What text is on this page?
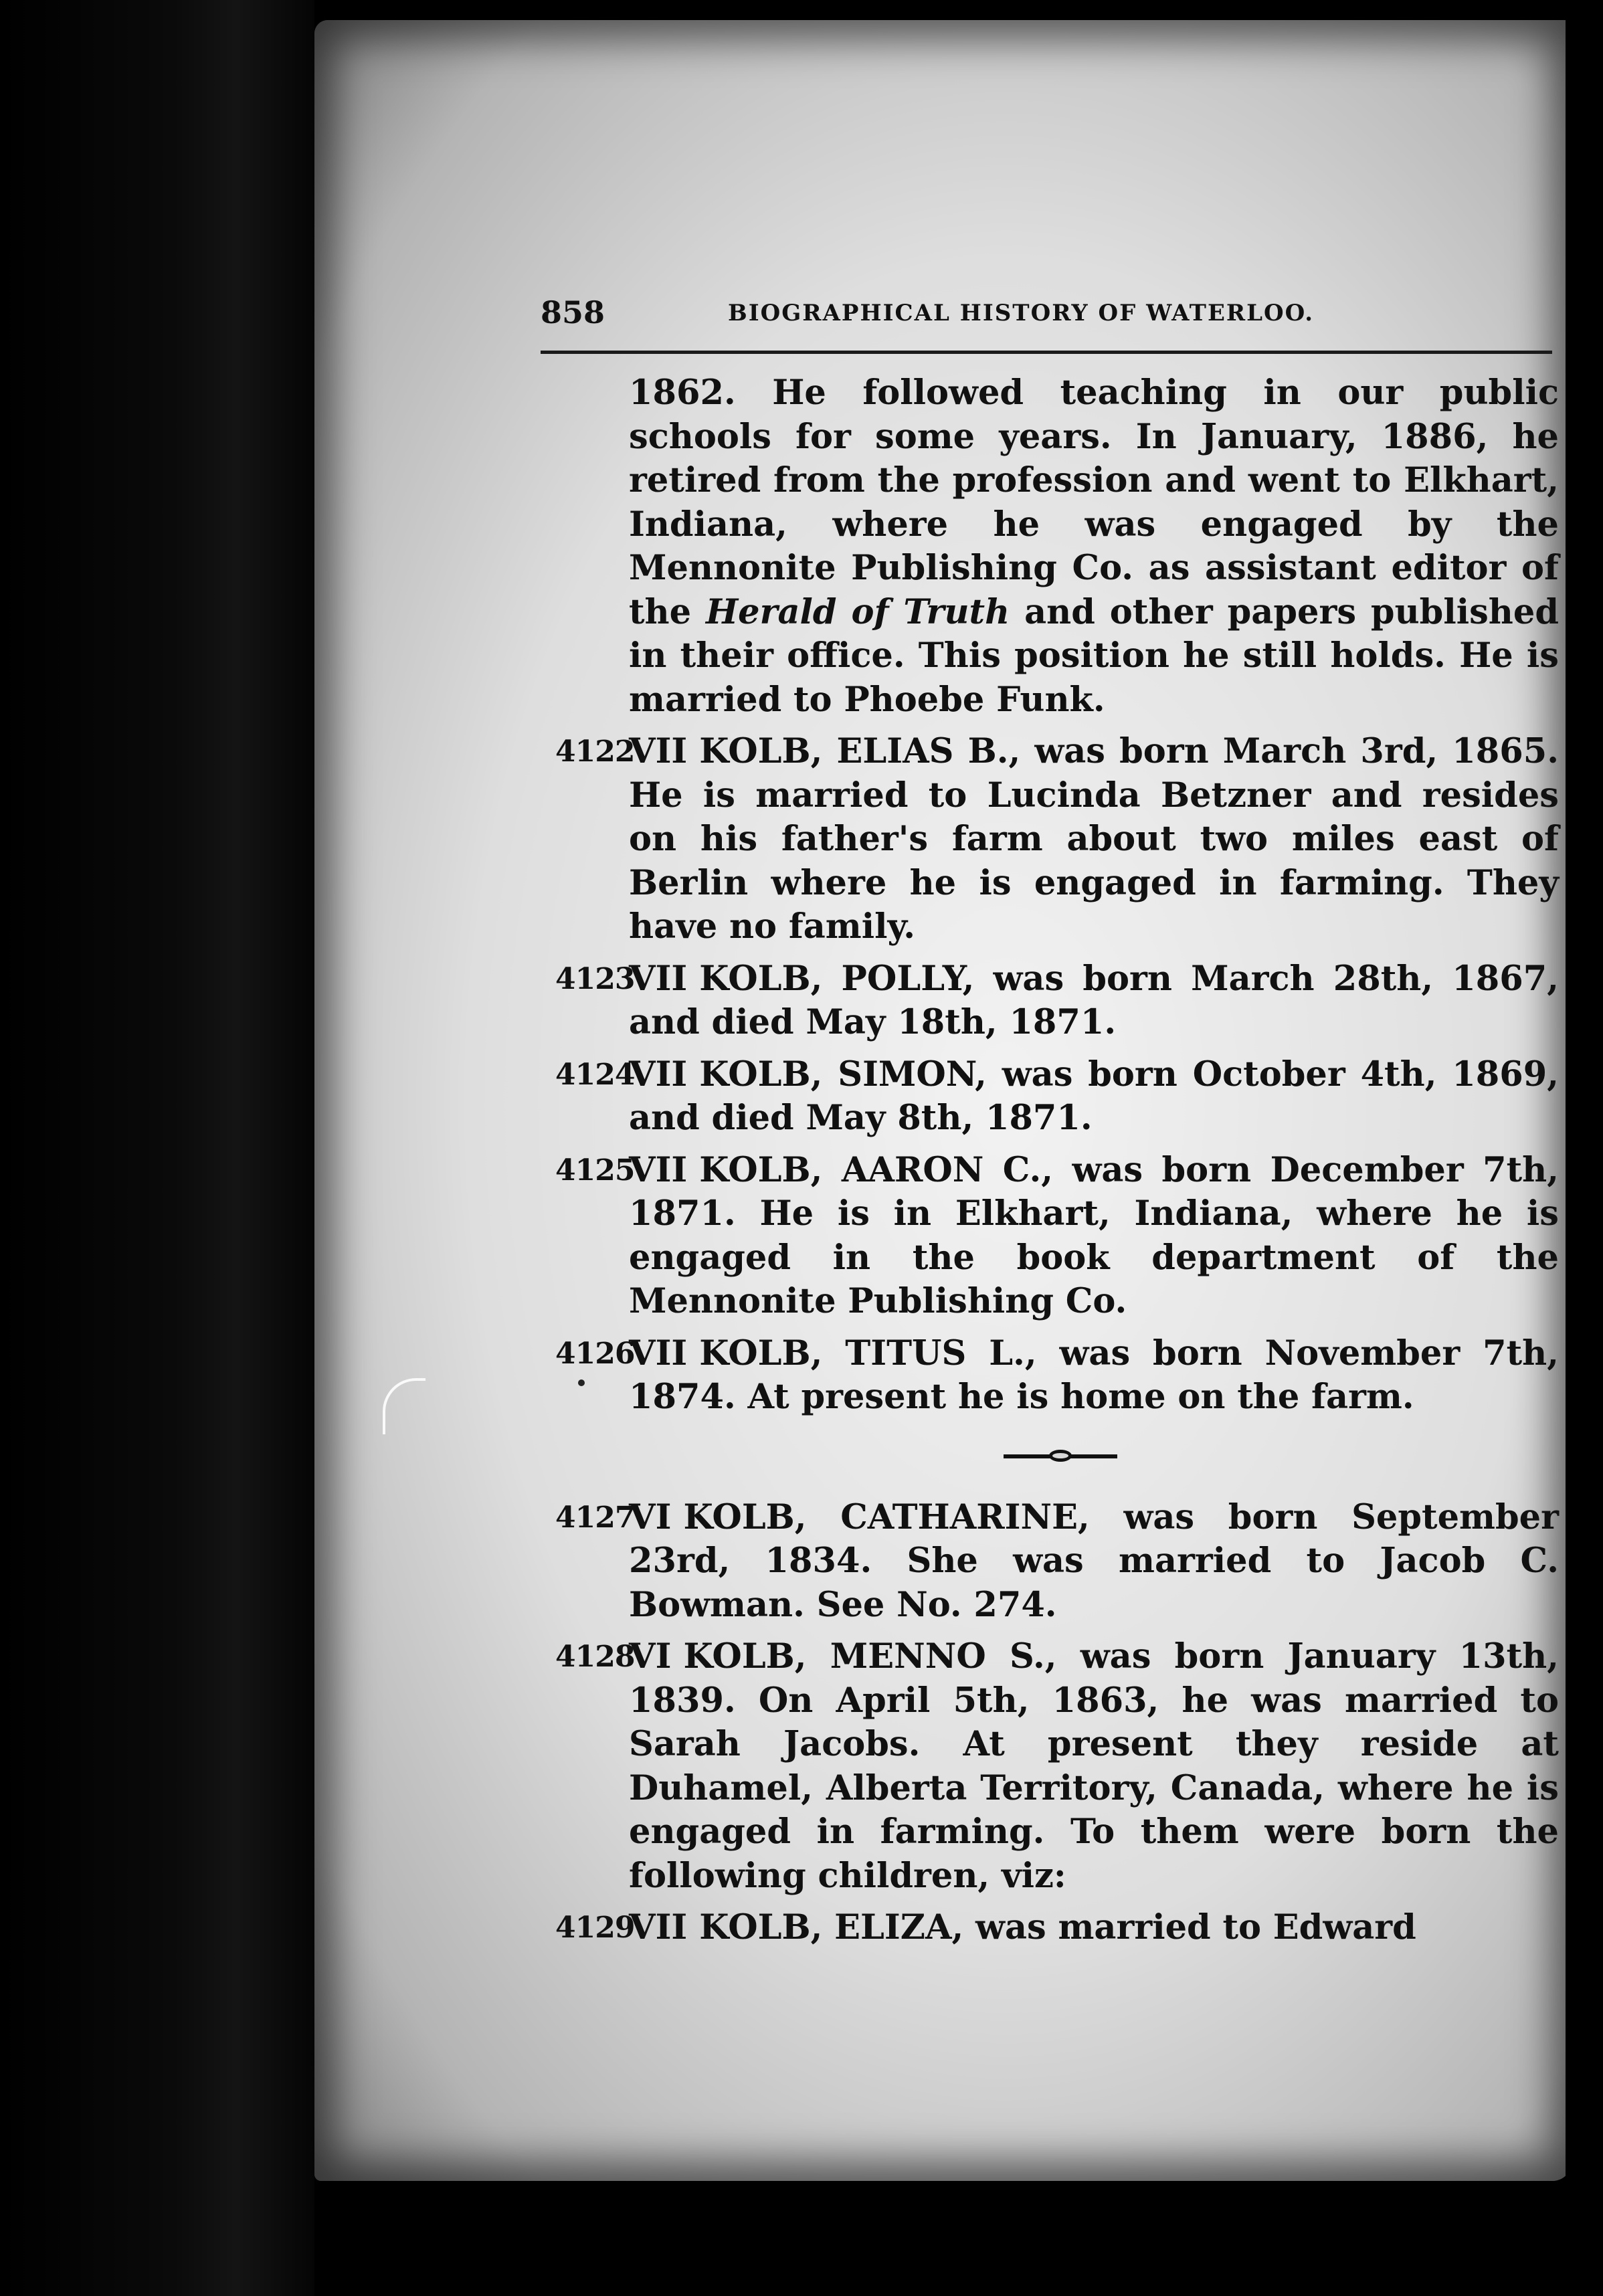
858	BIOGRAPHICAL HISTORY OF WATERLOO.

1862. He followed teaching in our public schools for some years. In January, 1886, he retired from the profession and went to Elkhart, Indiana, where he was engaged by the Mennonite Publishing Co. as assistant editor of the Herald of Truth and other papers published in their office. This position he still holds. He is married to Phoebe Funk.

4122
VII KOLB, ELIAS B., was born March 3rd, 1865. He is married to Lucinda Betzner and resides on his father's farm about two miles east of Berlin where he is engaged in farming. They have no family.

4123
VII KOLB, POLLY, was born March 28th, 1867, and died May 18th, 1871.

4124
VII KOLB, SIMON, was born October 4th, 1869, and died May 8th, 1871.

4125
VII KOLB, AARON C., was born December 7th, 1871. He is in Elkhart, Indiana, where he is engaged in the book department of the Mennonite Publishing Co.

4126
VII KOLB, TITUS L., was born November 7th, 1874. At present he is home on the farm.

4127
VI KOLB, CATHARINE, was born September 23rd, 1834. She was married to Jacob C. Bowman. See No. 274.

4128
VI KOLB, MENNO S., was born January 13th, 1839. On April 5th, 1863, he was married to Sarah Jacobs. At present they reside at Duhamel, Alberta Territory, Canada, where he is engaged in farming. To them were born the following children, viz:

4129
VII KOLB, ELIZA, was married to Edward
